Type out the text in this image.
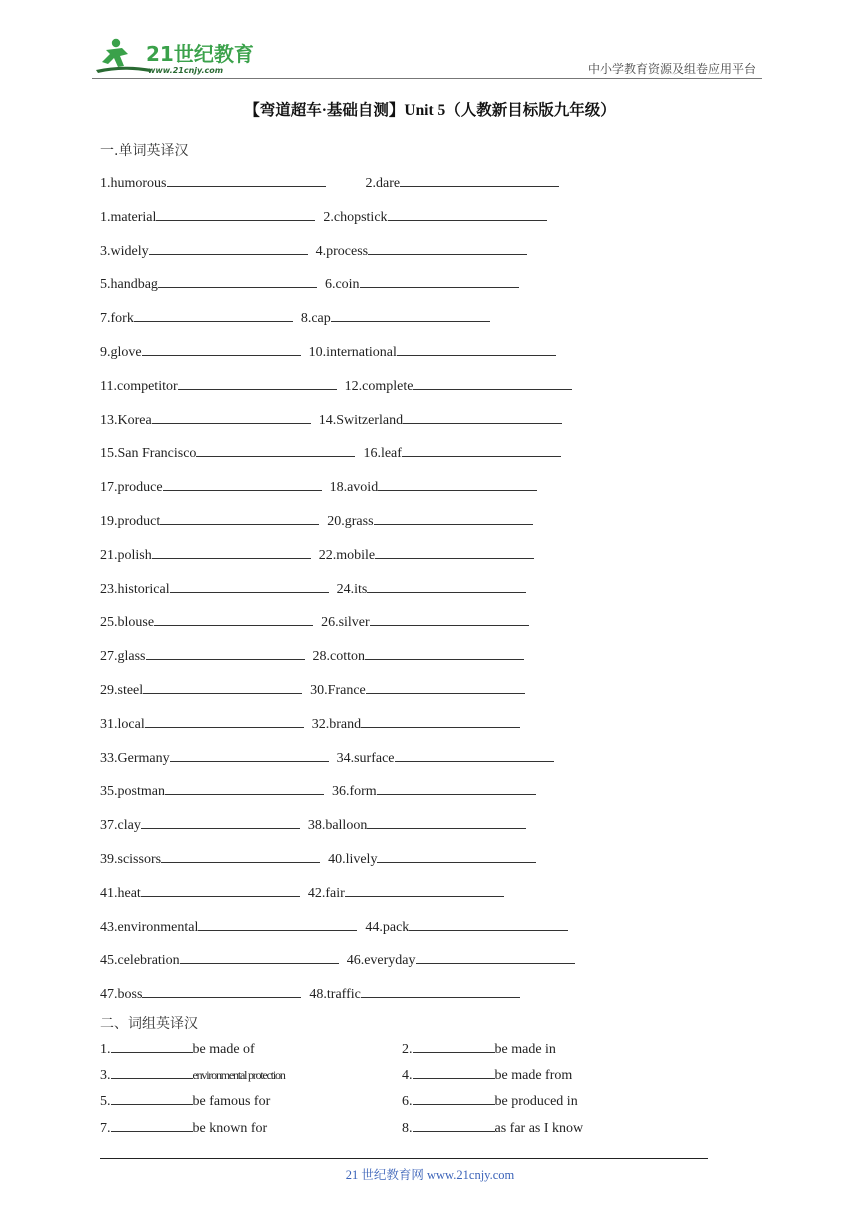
21世纪教育
www.21cnjy.com	中小学教育资源及组卷应用平台
【弯道超车·基础自测】Unit 5（人教新目标版九年级）
一.单词英译汉
1.humorous	2.dare
1.material	2.chopstick
3.widely	4.process
5.handbag	6.coin
7.fork	8.cap
9.glove	10.international
11.competitor	12.complete
13.Korea	14.Switzerland
15.San Francisco	16.leaf
17.produce	18.avoid
19.product	20.grass
21.polish	22.mobile
23.historical	24.its
25.blouse	26.silver
27.glass	28.cotton
29.steel	30.France
31.local	32.brand
33.Germany	34.surface
35.postman	36.form
37.clay	38.balloon
39.scissors	40.lively
41.heat	42.fair
43.environmental	44.pack
45.celebration	46.everyday
47.boss	48.traffic
二、词组英译汉
1.	be made of	2.	be made in
3.	environmental protection	4.	be made from
5.	be famous for	6.	be produced in
7.	be known for	8.	as far as I know
21 世纪教育网 www.21cnjy.com
